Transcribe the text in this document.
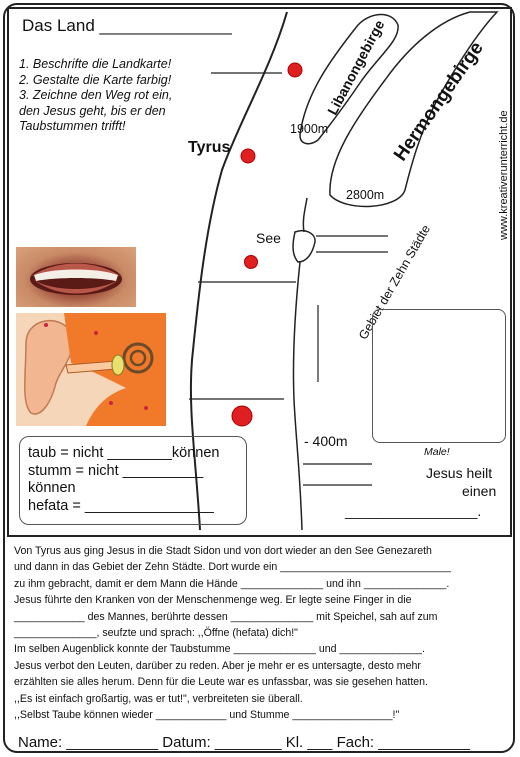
Das Land ______________
1. Beschrifte die Landkarte!
2. Gestalte die Karte farbig!
3. Zeichne den Weg rot ein,
den Jesus geht, bis er den
Taubstummen trifft!
Libanongebirge Hermongebirge
1900m
2800m
Tyrus
See	Gebiet der Zehn Städte
- 400m
www.kreativerunterricht.de
taub = nicht ________können
stumm = nicht __________
können
hefata = ________________
Male!
Jesus heilt
einen
_________________.

Von Tyrus aus ging Jesus in die Stadt Sidon und von dort wieder an den See Genezareth

und dann in das Gebiet der Zehn Städte. Dort wurde ein _____________________________

zu ihm gebracht, damit er dem Mann die Hände ______________ und ihn ______________.

Jesus führte den Kranken von der Menschenmenge weg. Er legte seine Finger in die

____________ des Mannes, berührte dessen ______________ mit Speichel, sah auf zum

______________, seufzte und sprach: ,,Öffne (hefata) dich!"

Im selben Augenblick konnte der Taubstumme ______________ und ______________.

Jesus verbot den Leuten, darüber zu reden. Aber je mehr er es untersagte, desto mehr

erzählten sie alles herum. Denn für die Leute war es unfassbar, was sie gesehen hatten.

,,Es ist einfach großartig, was er tut!", verbreiteten sie überall.

,,Selbst Taube können wieder ____________ und Stumme _________________!"

Name: ___________ Datum: ________ Kl. ___ Fach: ___________
